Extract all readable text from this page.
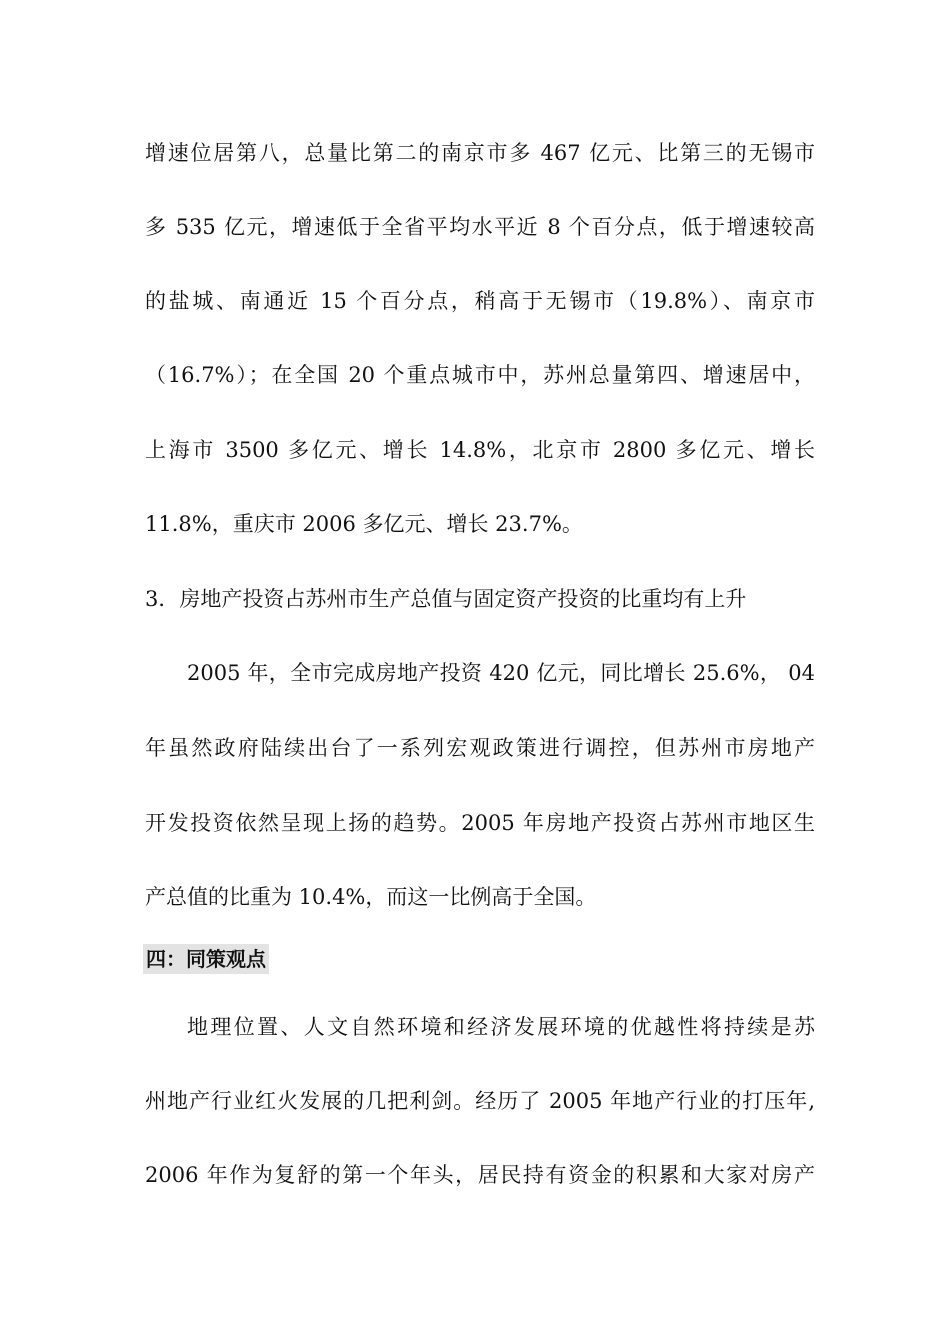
增速位居第八，总量比第二的南京市多 467 亿元、比第三的无锡市
多 535 亿元，增速低于全省平均水平近 8 个百分点，低于增速较高
的盐城、南通近 15 个百分点，稍高于无锡市（19.8%）、南京市
（16.7%）；在全国 20 个重点城市中，苏州总量第四、增速居中，
上海市 3500 多亿元、增长 14.8%，北京市 2800 多亿元、增长
11.8%，重庆市 2006 多亿元、增长 23.7%。
3．房地产投资占苏州市生产总值与固定资产投资的比重均有上升
2005 年，全市完成房地产投资 420 亿元，同比增长 25.6%， 04
年虽然政府陆续出台了一系列宏观政策进行调控，但苏州市房地产
开发投资依然呈现上扬的趋势。2005 年房地产投资占苏州市地区生
产总值的比重为 10.4%，而这一比例高于全国。
四：同策观点
地理位置、人文自然环境和经济发展环境的优越性将持续是苏
州地产行业红火发展的几把利剑。经历了 2005 年地产行业的打压年,
2006 年作为复舒的第一个年头，居民持有资金的积累和大家对房产
